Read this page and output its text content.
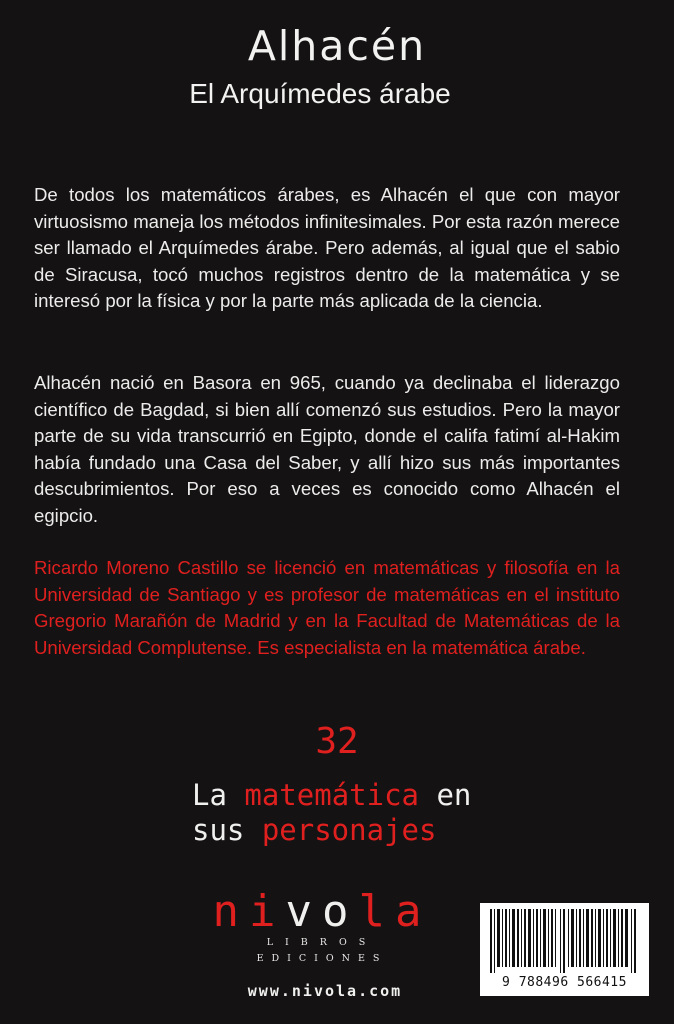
Alhacén
El Arquímedes árabe
De todos los matemáticos árabes, es Alhacén el que con mayor virtuosismo maneja los métodos infinitesimales. Por esta razón merece ser llamado el Arquímedes árabe. Pero además, al igual que el sabio de Siracusa, tocó muchos registros dentro de la matemática y se interesó por la física y por la parte más aplicada de la ciencia.
Alhacén nació en Basora en 965, cuando ya declinaba el liderazgo científico de Bagdad, si bien allí comenzó sus estudios. Pero la mayor parte de su vida transcurrió en Egipto, donde el califa fatimí al-Hakim había fundado una Casa del Saber, y allí hizo sus más importantes descubrimientos. Por eso a veces es conocido como Alhacén el egipcio.
Ricardo Moreno Castillo se licenció en matemáticas y filosofía en la Universidad de Santiago y es profesor de matemáticas en el instituto Gregorio Marañón de Madrid y en la Facultad de Matemáticas de la Universidad Complutense. Es especialista en la matemática árabe.
32
La matemática en
sus personajes
nivola
LIBROS
EDICIONES
www.nivola.com	9 788496 566415
